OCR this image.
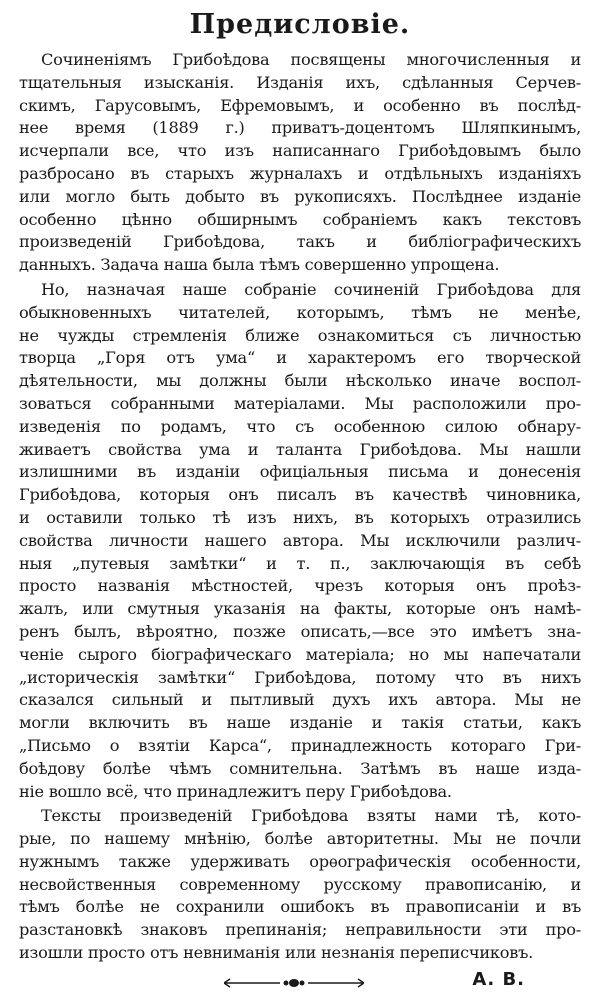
Предисловіе.

Сочиненіямъ Грибоѣдова посвящены многочисленныя и
тщательныя изысканія. Изданія ихъ, сдѣланныя Серчев-
скимъ, Гарусовымъ, Ефремовымъ, и особенно въ послѣд-
нее время (1889 г.) приватъ-доцентомъ Шляпкинымъ,
исчерпали все, что изъ написаннаго Грибоѣдовымъ было
разбросано въ старыхъ журналахъ и отдѣльныхъ изданіяхъ
или могло быть добыто въ рукописяхъ. Послѣднее изданіе
особенно цѣнно обширнымъ собраніемъ какъ текстовъ
произведеній Грибоѣдова, такъ и библіографическихъ
данныхъ. Задача наша была тѣмъ совершенно упрощена.

Но, назначая наше собраніе сочиненій Грибоѣдова для
обыкновенныхъ читателей, которымъ, тѣмъ не менѣе,
не чужды стремленія ближе ознакомиться съ личностью
творца „Горя отъ ума“ и характеромъ его творческой
дѣятельности, мы должны были нѣсколько иначе воспол-
зоваться собранными матеріалами. Мы расположили про-
изведенія по родамъ, что съ особенною силою обнару-
живаетъ свойства ума и таланта Грибоѣдова. Мы нашли
излишними въ изданіи офиціальныя письма и донесенія
Грибоѣдова, которыя онъ писалъ въ качествѣ чиновника,
и оставили только тѣ изъ нихъ, въ которыхъ отразились
свойства личности нашего автора. Мы исключили различ-
ныя „путевыя замѣтки“ и т. п., заключающія въ себѣ
просто названія мѣстностей, чрезъ которыя онъ проѣз-
жалъ, или смутныя указанія на факты, которые онъ намѣ-
ренъ былъ, вѣроятно, позже описать,—все это имѣетъ зна-
ченіе сырого біографическаго матеріала; но мы напечатали
„историческія замѣтки“ Грибоѣдова, потому что въ нихъ
сказался сильный и пытливый духъ ихъ автора. Мы не
могли включить въ наше изданіе и такія статьи, какъ
„Письмо о взятіи Карса“, принадлежность котораго Гри-
боѣдову болѣе чѣмъ сомнительна. Затѣмъ въ наше изда-
ніе вошло всё, что принадлежитъ перу Грибоѣдова.

Тексты произведеній Грибоѣдова взяты нами тѣ, кото-
рые, по нашему мнѣнію, болѣе авторитетны. Мы не почли
нужнымъ также удерживать орѳографическія особенности,
несвойственныя современному русскому правописанію, и
тѣмъ болѣе не сохранили ошибокъ въ правописаніи и въ
разстановкѣ знаковъ препинанія; неправильности эти про-
изошли просто отъ невниманія или незнанія переписчиковъ.

А. В.
